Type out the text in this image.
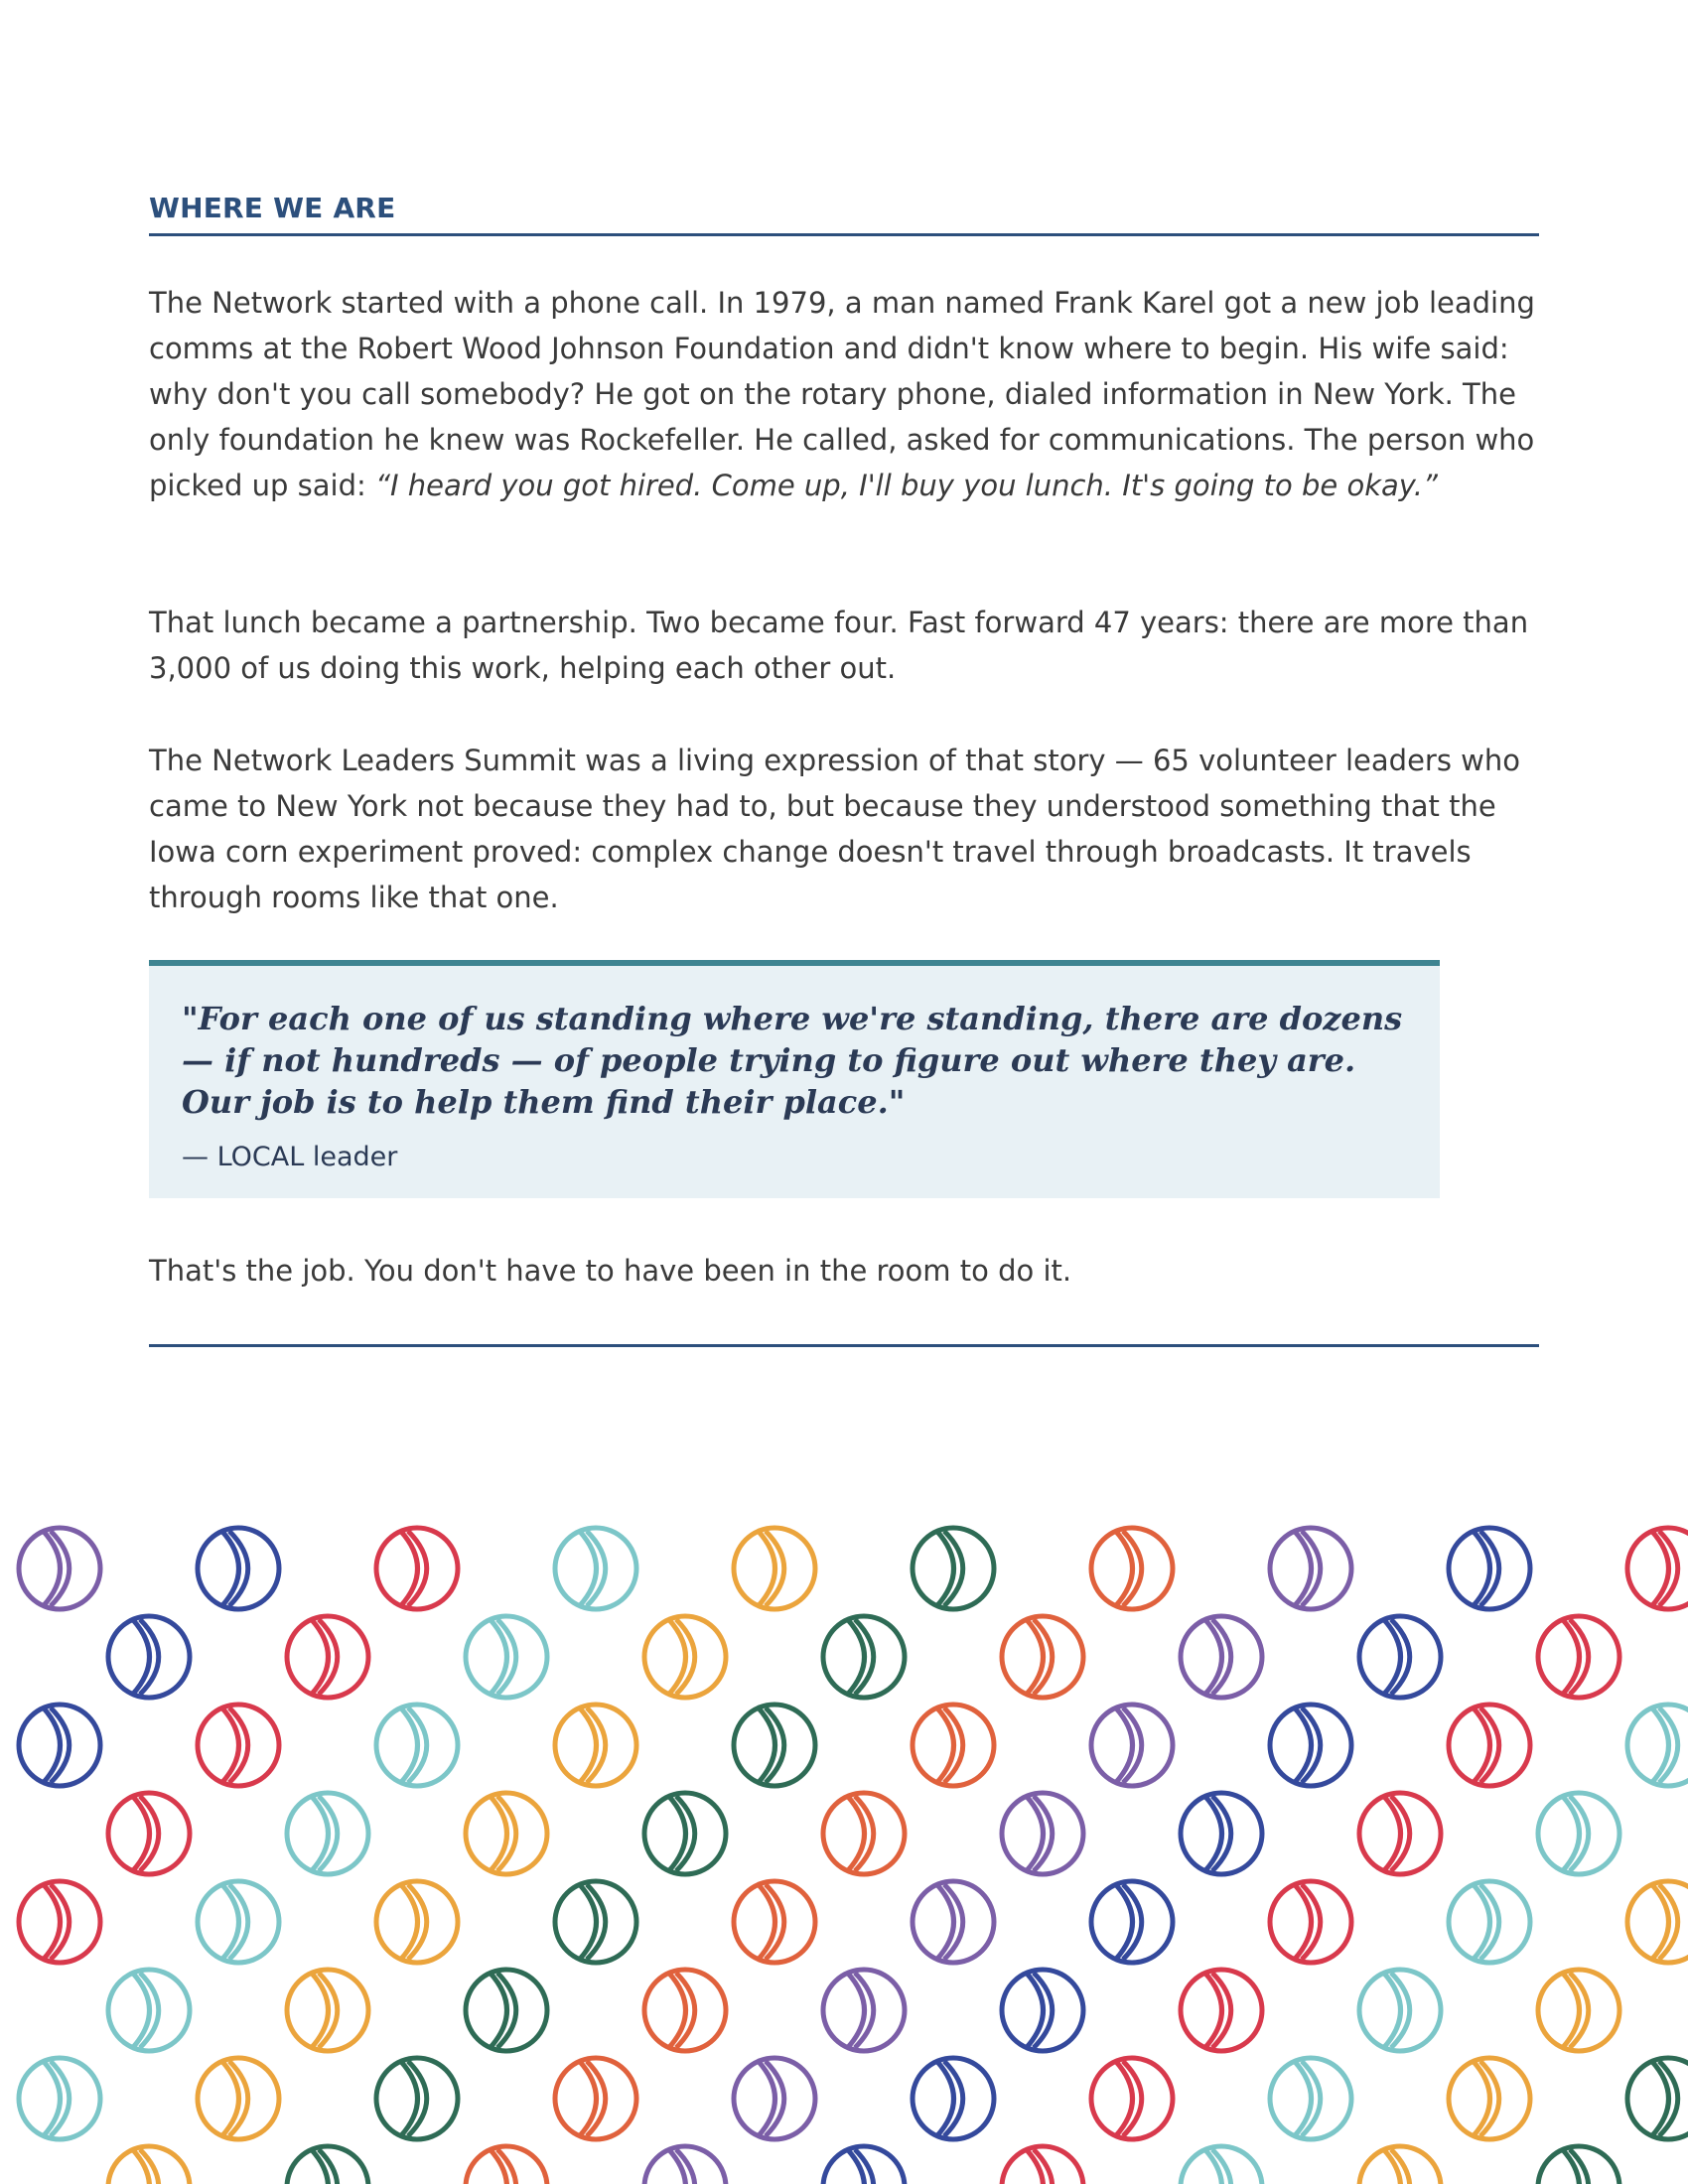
WHERE WE ARE

The Network started with a phone call. In 1979, a man named Frank Karel got a new job leading comms at the Robert Wood Johnson Foundation and didn't know where to begin. His wife said: why don't you call somebody? He got on the rotary phone, dialed information in New York. The only foundation he knew was Rockefeller. He called, asked for communications. The person who picked up said: “I heard you got hired. Come up, I'll buy you lunch. It's going to be okay.”

That lunch became a partnership. Two became four. Fast forward 47 years: there are more than 3,000 of us doing this work, helping each other out.

The Network Leaders Summit was a living expression of that story — 65 volunteer leaders who came to New York not because they had to, but because they understood something that the Iowa corn experiment proved: complex change doesn't travel through broadcasts. It travels through rooms like that one.

"For each one of us standing where we're standing, there are dozens — if not hundreds — of people trying to figure out where they are. Our job is to help them find their place."

— LOCAL leader

That's the job. You don't have to have been in the room to do it.
